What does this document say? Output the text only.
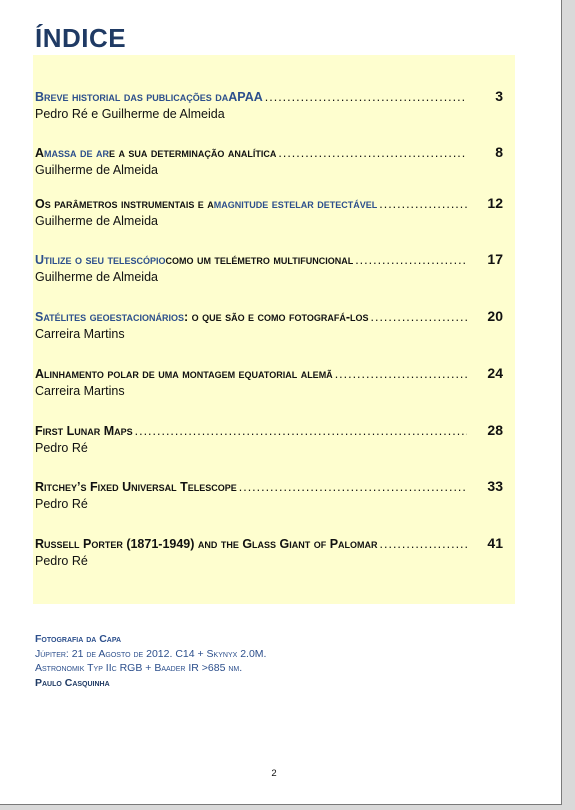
ÍNDICE
Breve historial das publicações da APAA .....	3
Pedro Ré e Guilherme de Almeida
A massa de ar e a sua determinação analítica .....	8
Guilherme de Almeida
Os parâmetros instrumentais e a magnitude estelar detectável .....	12
Guilherme de Almeida
Utilize o seu telescópio como um telémetro multifuncional .....	17
Guilherme de Almeida
Satélites geoestacionários : o que são e como fotografá-los .....	20
Carreira Martins
Alinhamento polar de uma montagem equatorial alemã .....	24
Carreira Martins
First Lunar Maps .....	28
Pedro Ré
Ritchey’s Fixed Universal Telescope .....	33
Pedro Ré
Russell Porter (1871-1949) and the Glass Giant of Palomar .....	41
Pedro Ré
Fotografia da Capa
Júpiter: 21 de Agosto de 2012. C14 + Skynyx 2.0M.
Astronomik Typ IIc RGB + Baader IR >685 nm.
Paulo Casquinha
2
